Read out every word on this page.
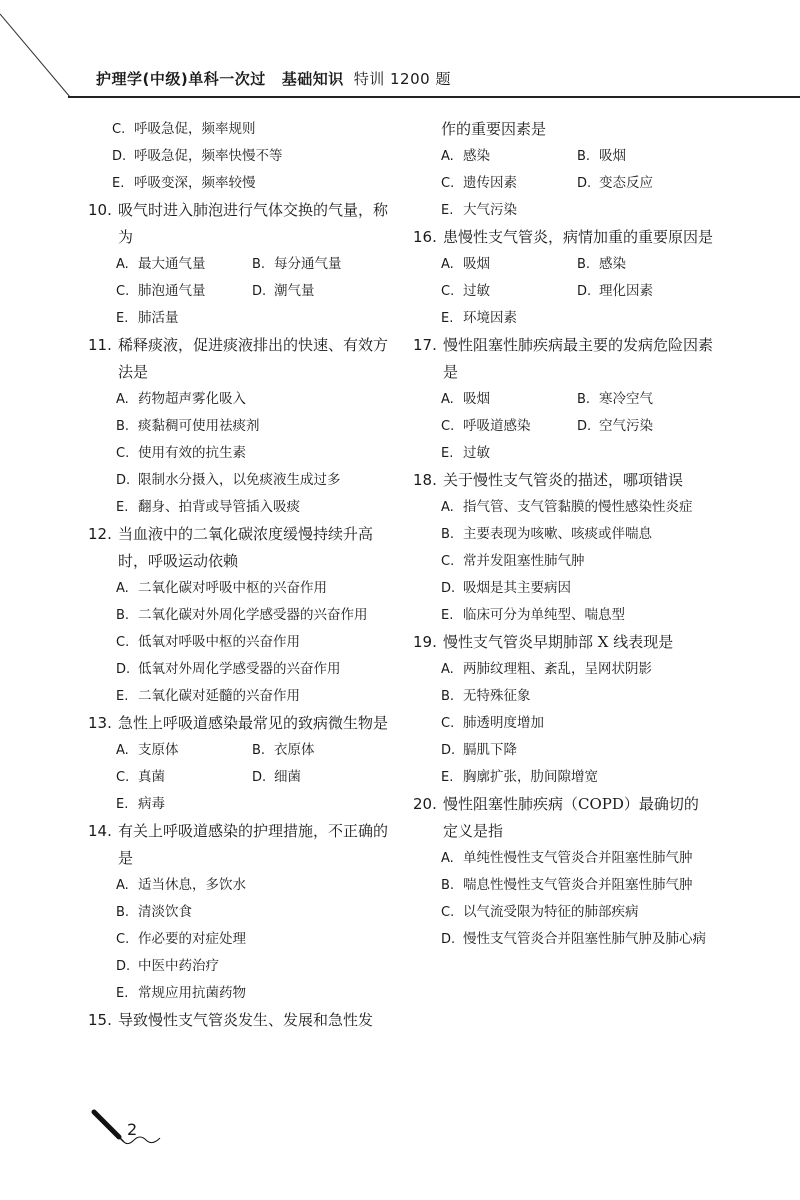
护理学(中级)单科一次过 基础知识 特训 1200 题
C. 呼吸急促，频率规则
D. 呼吸急促，频率快慢不等
E. 呼吸变深，频率较慢
10. 吸气时进入肺泡进行气体交换的气量，称为
A. 最大通气量	B. 每分通气量
C. 肺泡通气量	D. 潮气量
E. 肺活量
11. 稀释痰液，促进痰液排出的快速、有效方法是
A. 药物超声雾化吸入
B. 痰黏稠可使用祛痰剂
C. 使用有效的抗生素
D. 限制水分摄入，以免痰液生成过多
E. 翻身、拍背或导管插入吸痰
12. 当血液中的二氧化碳浓度缓慢持续升高时，呼吸运动依赖
A. 二氧化碳对呼吸中枢的兴奋作用
B. 二氧化碳对外周化学感受器的兴奋作用
C. 低氧对呼吸中枢的兴奋作用
D. 低氧对外周化学感受器的兴奋作用
E. 二氧化碳对延髓的兴奋作用
13. 急性上呼吸道感染最常见的致病微生物是
A. 支原体	B. 衣原体
C. 真菌	D. 细菌
E. 病毒
14. 有关上呼吸道感染的护理措施，不正确的是
A. 适当休息，多饮水
B. 清淡饮食
C. 作必要的对症处理
D. 中医中药治疗
E. 常规应用抗菌药物
15. 导致慢性支气管炎发生、发展和急性发
作的重要因素是
A. 感染	B. 吸烟
C. 遗传因素	D. 变态反应
E. 大气污染
16. 患慢性支气管炎，病情加重的重要原因是
A. 吸烟	B. 感染
C. 过敏	D. 理化因素
E. 环境因素
17. 慢性阻塞性肺疾病最主要的发病危险因素是
A. 吸烟	B. 寒冷空气
C. 呼吸道感染	D. 空气污染
E. 过敏
18. 关于慢性支气管炎的描述，哪项错误
A. 指气管、支气管黏膜的慢性感染性炎症
B. 主要表现为咳嗽、咳痰或伴喘息
C. 常并发阻塞性肺气肿
D. 吸烟是其主要病因
E. 临床可分为单纯型、喘息型
19. 慢性支气管炎早期肺部 X 线表现是
A. 两肺纹理粗、紊乱，呈网状阴影
B. 无特殊征象
C. 肺透明度增加
D. 膈肌下降
E. 胸廓扩张，肋间隙增宽
20. 慢性阻塞性肺疾病（COPD）最确切的定义是指
A. 单纯性慢性支气管炎合并阻塞性肺气肿
B. 喘息性慢性支气管炎合并阻塞性肺气肿
C. 以气流受限为特征的肺部疾病
D. 慢性支气管炎合并阻塞性肺气肿及肺心病
2
